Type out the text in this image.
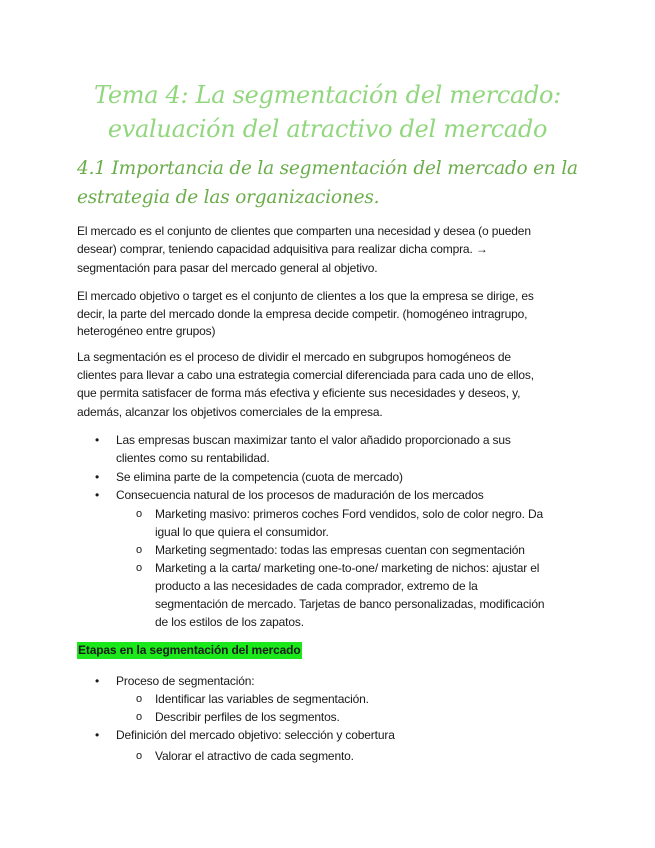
Tema 4: La segmentación del mercado:
evaluación del atractivo del mercado
4.1 Importancia de la segmentación del mercado en la
estrategia de las organizaciones.
El mercado es el conjunto de clientes que comparten una necesidad y desea (o pueden
desear) comprar, teniendo capacidad adquisitiva para realizar dicha compra. →
segmentación para pasar del mercado general al objetivo.
El mercado objetivo o target es el conjunto de clientes a los que la empresa se dirige, es
decir, la parte del mercado donde la empresa decide competir. (homogéneo intragrupo,
heterogéneo entre grupos)
La segmentación es el proceso de dividir el mercado en subgrupos homogéneos de
clientes para llevar a cabo una estrategia comercial diferenciada para cada uno de ellos,
que permita satisfacer de forma más efectiva y eficiente sus necesidades y deseos, y,
además, alcanzar los objetivos comerciales de la empresa.
• Las empresas buscan maximizar tanto el valor añadido proporcionado a sus
clientes como su rentabilidad.
• Se elimina parte de la competencia (cuota de mercado)
• Consecuencia natural de los procesos de maduración de los mercados
o Marketing masivo: primeros coches Ford vendidos, solo de color negro. Da
igual lo que quiera el consumidor.
o Marketing segmentado: todas las empresas cuentan con segmentación
o Marketing a la carta/ marketing one-to-one/ marketing de nichos: ajustar el
producto a las necesidades de cada comprador, extremo de la
segmentación de mercado. Tarjetas de banco personalizadas, modificación
de los estilos de los zapatos.
Etapas en la segmentación del mercado
• Proceso de segmentación:
o Identificar las variables de segmentación.
o Describir perfiles de los segmentos.
• Definición del mercado objetivo: selección y cobertura
o Valorar el atractivo de cada segmento.
